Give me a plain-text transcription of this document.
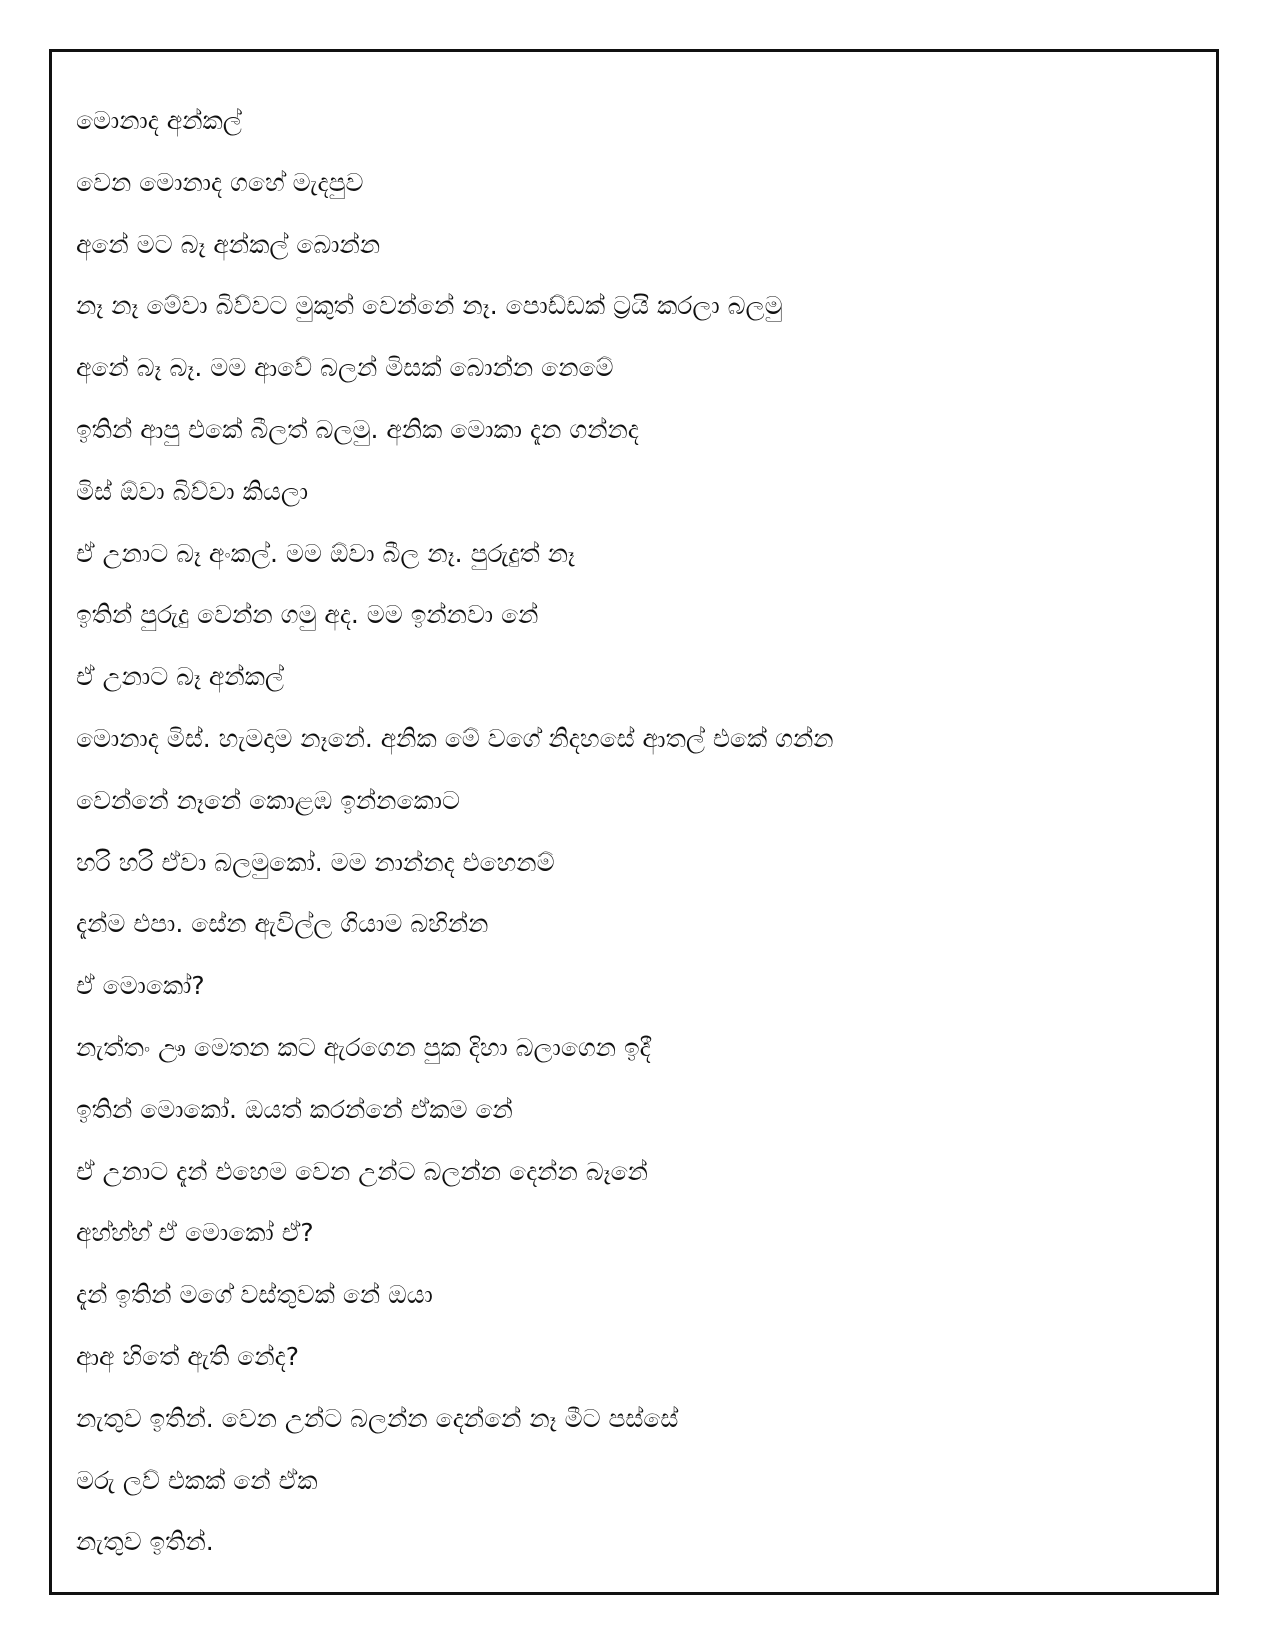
මොනාද අන්කල්
වෙන මොනාද ගහේ මැදපුව
අනේ මට බෑ අන්කල් බොන්න
නෑ නෑ මේවා බිව්වට මුකුත් වෙන්නේ නෑ. පොඩ්ඩක් ට්‍රයි කරලා බලමු
අනේ බෑ බෑ. මම ආවේ බලන් මිසක් බොන්න නෙමේ
ඉතින් ආපු එකේ බීලත් බලමු. අනික මොකා දැන ගන්නද
මිස් ඕවා බිව්වා කියලා
ඒ උනාට බෑ අංකල්. මම ඕවා බීල නෑ. පුරුදුත් නෑ
ඉතින් පුරුදු වෙන්න ගමු අද. මම ඉන්නවා නේ
ඒ උනාට බෑ අන්කල්
මොනාද මිස්. හැමදාම නෑනේ. අනික මේ වගේ නිදහසේ ආතල් එකේ ගන්න
වෙන්නේ නෑනේ කොළඹ ඉන්නකොට
හරි හරි ඒවා බලමුකෝ. මම නාන්නද එහෙනම්
දැන්ම එපා. සේන ඇවිල්ල ගියාම බහින්න
ඒ මොකෝ?
නැත්තං ඌ මෙතන කට ඇරගෙන පුක දිහා බලාගෙන ඉදී
ඉතින් මොකෝ. ඔයත් කරන්නේ ඒකම නේ
ඒ උනාට දැන් එහෙම වෙන උන්ට බලන්න දෙන්න බෑනේ
අහ්හ්හ් ඒ මොකෝ ඒ?
දැන් ඉතින් මගේ වස්තුවක් නේ ඔයා
ආඅ හිතේ ඇති නේද?
නැතුව ඉතින්. වෙන උන්ට බලන්න දෙන්නේ නෑ මීට පස්සේ
මරු ලව් එකක් නේ ඒක
නැතුව ඉතින්.
